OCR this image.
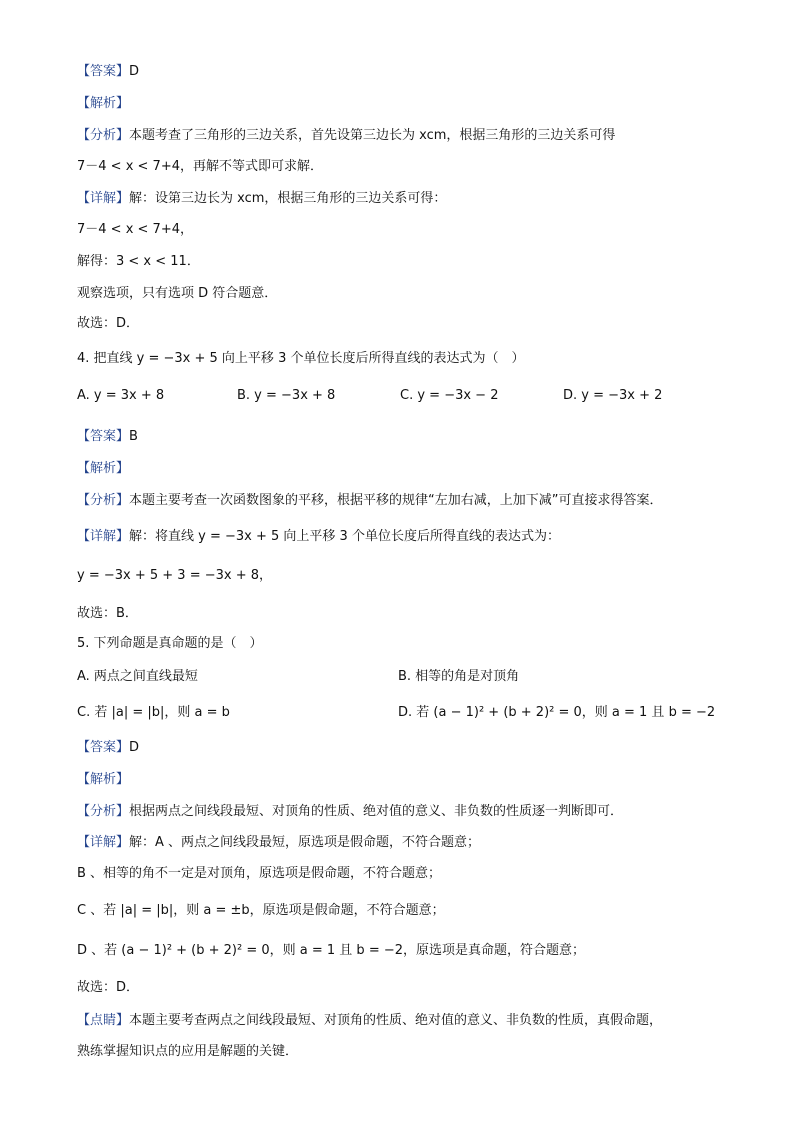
【答案】D
【解析】
【分析】本题考查了三角形的三边关系，首先设第三边长为 xcm，根据三角形的三边关系可得
7－4 < x < 7+4，再解不等式即可求解．
【详解】解：设第三边长为 xcm，根据三角形的三边关系可得：
7－4 < x < 7+4，
解得：3 < x < 11．
观察选项，只有选项 D 符合题意．
故选：D．
4. 把直线 y = −3x + 5 向上平移 3 个单位长度后所得直线的表达式为（　）
A. y = 3x + 8	B. y = −3x + 8	C. y = −3x − 2	D. y = −3x + 2
【答案】B
【解析】
【分析】本题主要考查一次函数图象的平移，根据平移的规律“左加右减，上加下减”可直接求得答案．
【详解】解：将直线 y = −3x + 5 向上平移 3 个单位长度后所得直线的表达式为：
y = −3x + 5 + 3 = −3x + 8，
故选：B．
5. 下列命题是真命题的是（　）
A. 两点之间直线最短	B. 相等的角是对顶角
C. 若 |a| = |b|，则 a = b	D. 若 (a − 1)² + (b + 2)² = 0，则 a = 1 且 b = −2
【答案】D
【解析】
【分析】根据两点之间线段最短、对顶角的性质、绝对值的意义、非负数的性质逐一判断即可．
【详解】解：A 、两点之间线段最短，原选项是假命题，不符合题意；
B 、相等的角不一定是对顶角，原选项是假命题，不符合题意；
C 、若 |a| = |b|，则 a = ±b，原选项是假命题，不符合题意；
D 、若 (a − 1)² + (b + 2)² = 0，则 a = 1 且 b = −2，原选项是真命题，符合题意；
故选：D．
【点睛】本题主要考查两点之间线段最短、对顶角的性质、绝对值的意义、非负数的性质，真假命题，
熟练掌握知识点的应用是解题的关键．
